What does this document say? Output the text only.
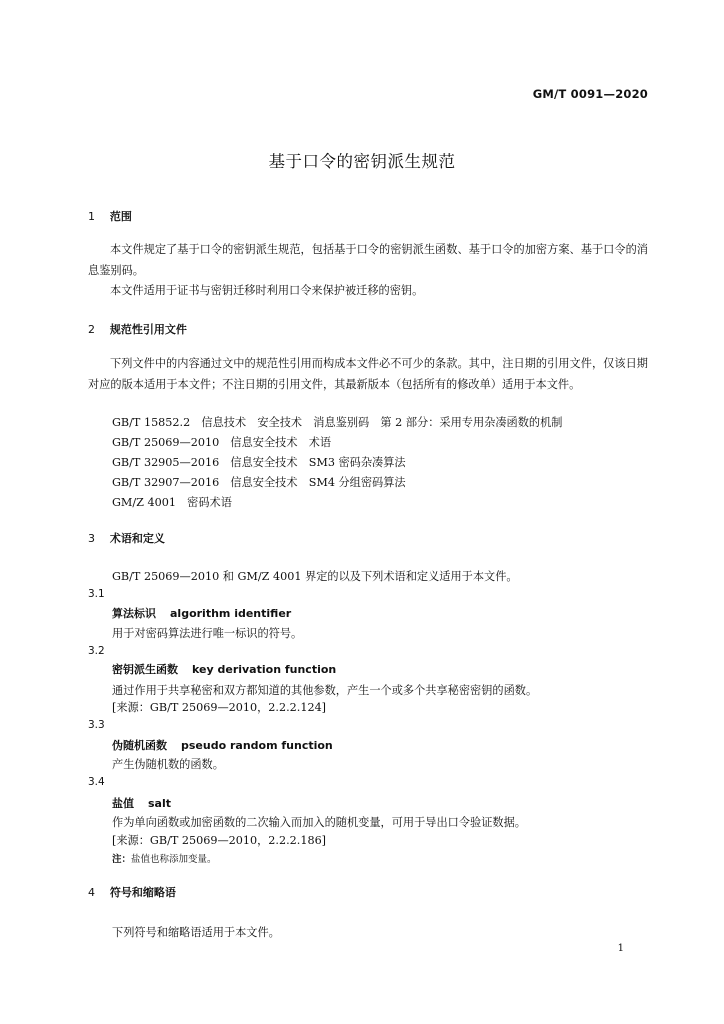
GM/T 0091—2020
基于口令的密钥派生规范
1 范围
本文件规定了基于口令的密钥派生规范，包括基于口令的密钥派生函数、基于口令的加密方案、基于口令的消息鉴别码。
本文件适用于证书与密钥迁移时利用口令来保护被迁移的密钥。
2 规范性引用文件
下列文件中的内容通过文中的规范性引用而构成本文件必不可少的条款。其中，注日期的引用文件，仅该日期对应的版本适用于本文件；不注日期的引用文件，其最新版本（包括所有的修改单）适用于本文件。
GB/T 15852.2　信息技术　安全技术　消息鉴别码　第 2 部分：采用专用杂凑函数的机制
GB/T 25069—2010　信息安全技术　术语
GB/T 32905—2016　信息安全技术　SM3 密码杂凑算法
GB/T 32907—2016　信息安全技术　SM4 分组密码算法
GM/Z 4001　密码术语
3 术语和定义
GB/T 25069—2010 和 GM/Z 4001 界定的以及下列术语和定义适用于本文件。
3.1
算法标识 algorithm identifier
用于对密码算法进行唯一标识的符号。
3.2
密钥派生函数 key derivation function
通过作用于共享秘密和双方都知道的其他参数，产生一个或多个共享秘密密钥的函数。
[来源：GB/T 25069—2010，2.2.2.124]
3.3
伪随机函数 pseudo random function
产生伪随机数的函数。
3.4
盐值 salt
作为单向函数或加密函数的二次输入而加入的随机变量，可用于导出口令验证数据。
[来源：GB/T 25069—2010，2.2.2.186]
注：盐值也称添加变量。
4 符号和缩略语
下列符号和缩略语适用于本文件。
1
